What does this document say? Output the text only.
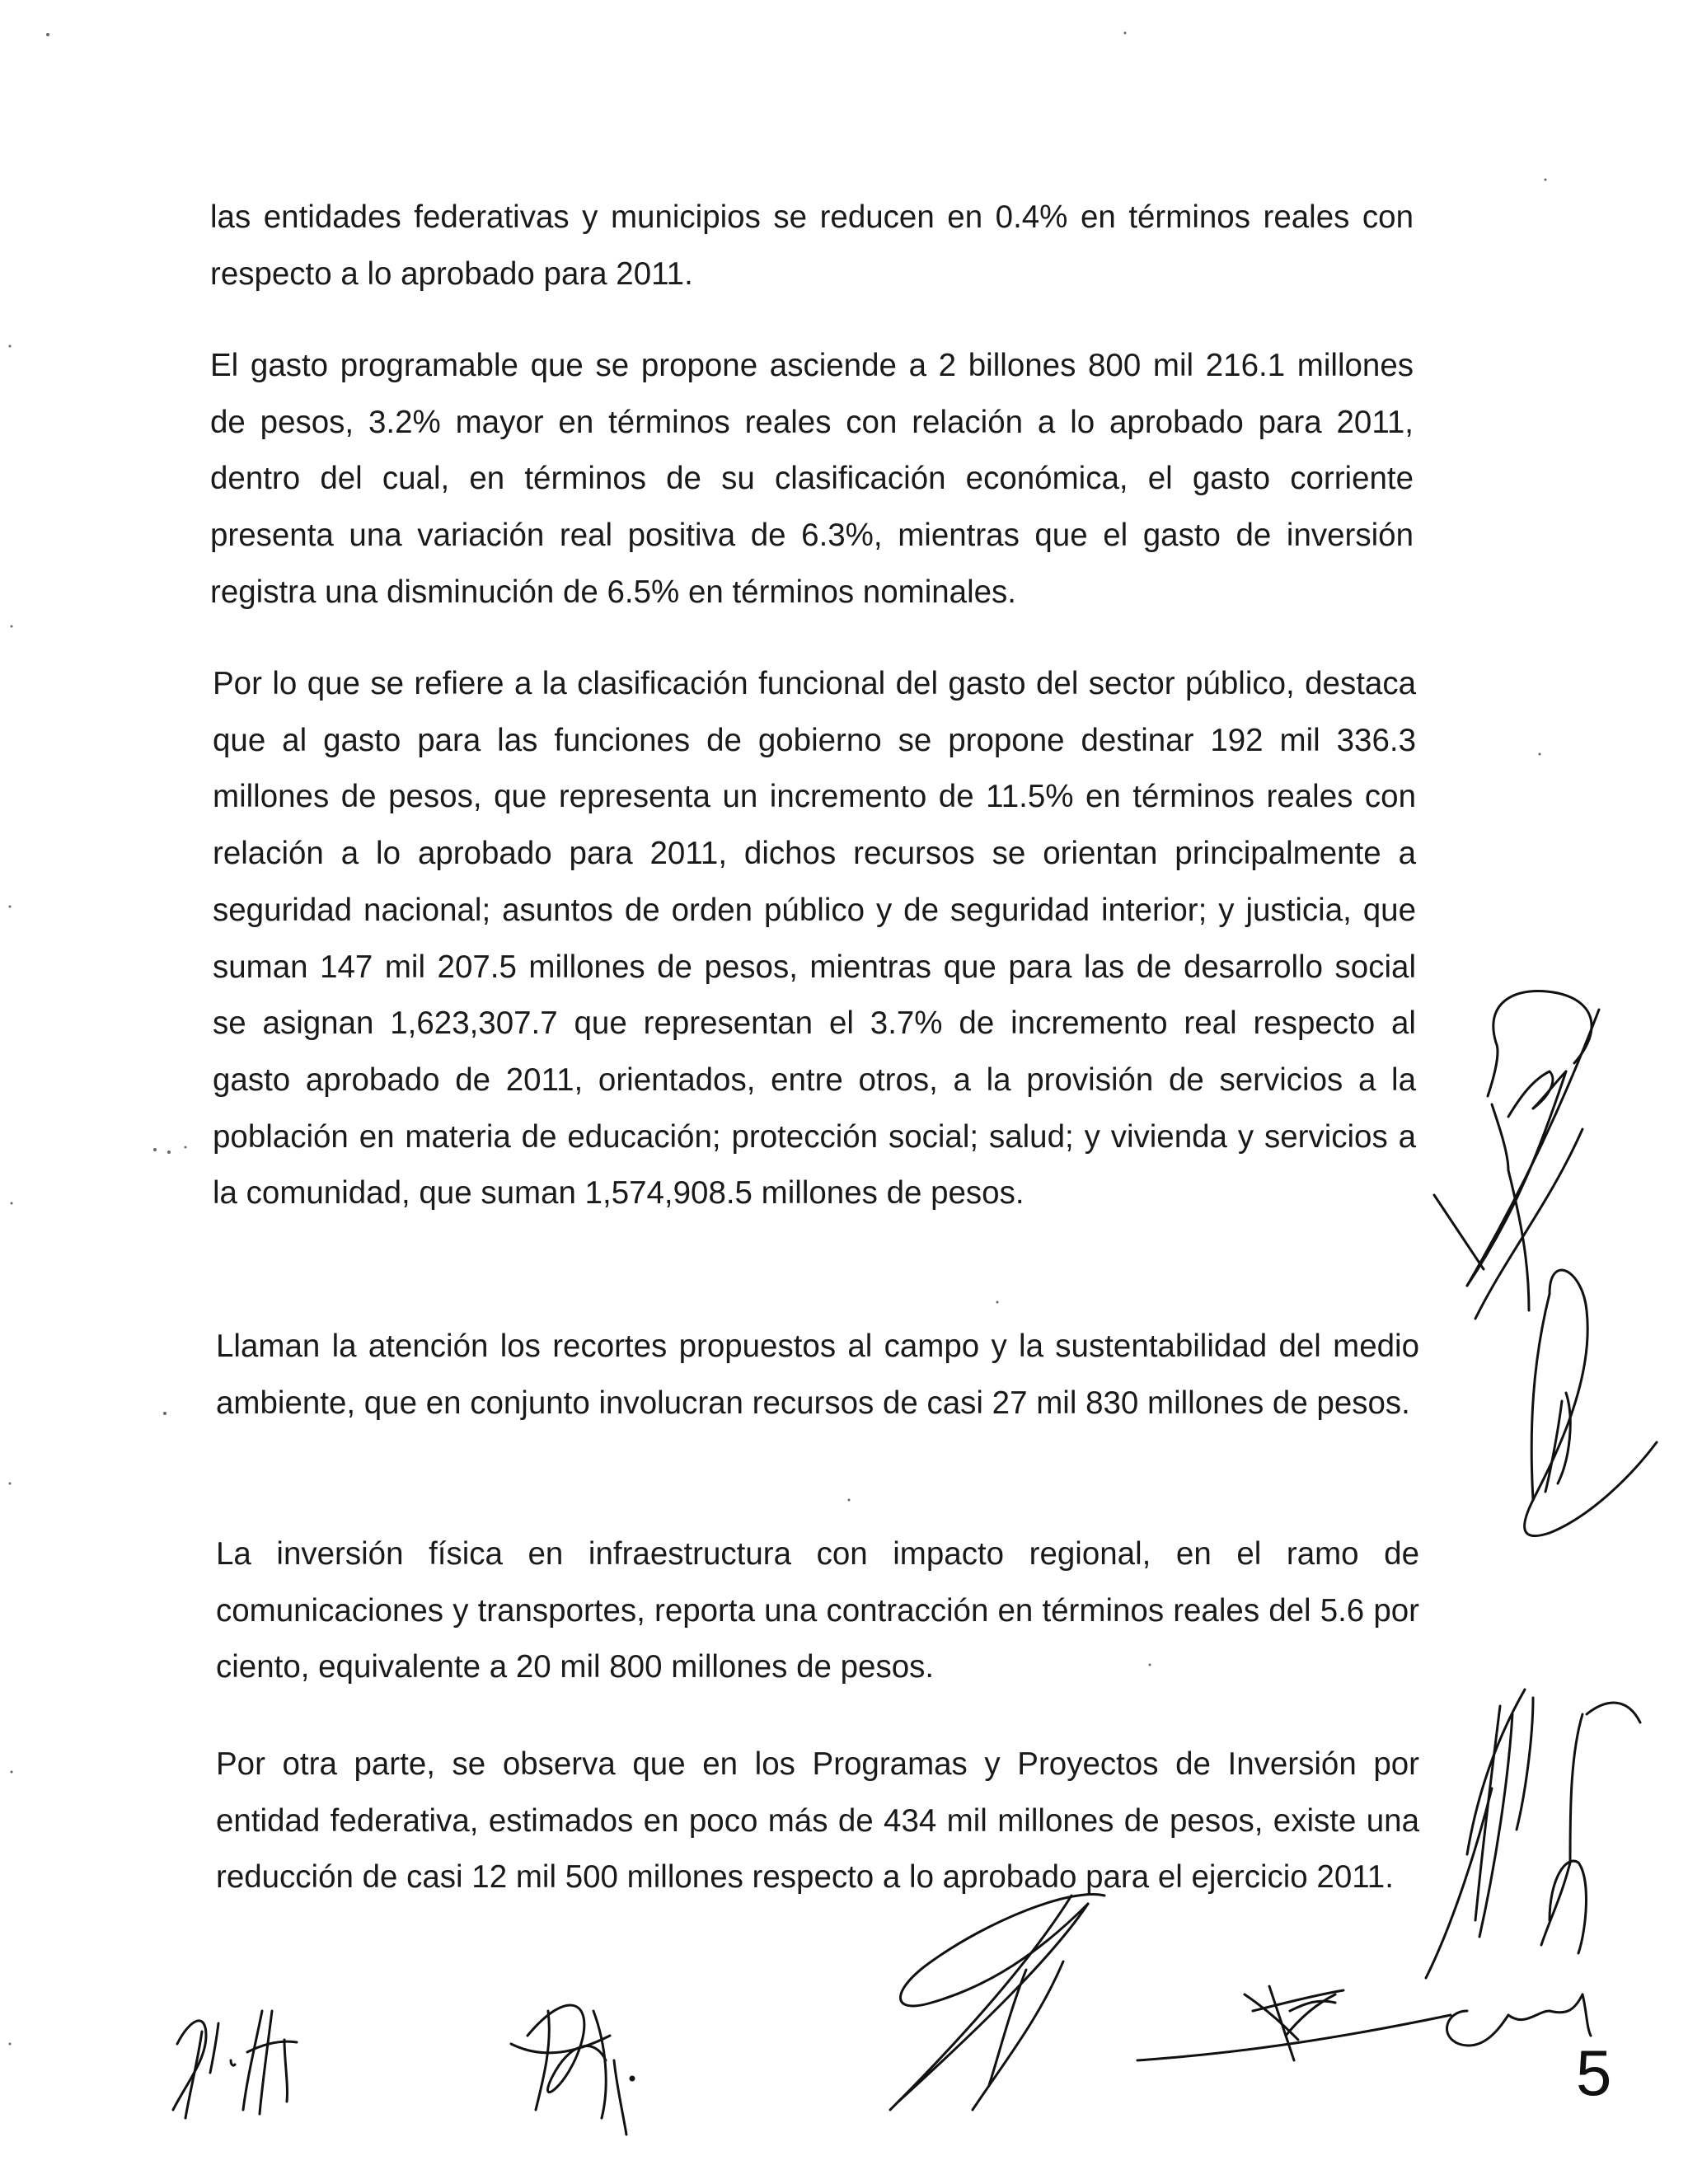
las entidades federativas y municipios se reducen en 0.4% en términos reales con respecto a lo aprobado para 2011.

El gasto programable que se propone asciende a 2 billones 800 mil 216.1 millones de pesos, 3.2% mayor en términos reales con relación a lo aprobado para 2011, dentro del cual, en términos de su clasificación económica, el gasto corriente presenta una variación real positiva de 6.3%, mientras que el gasto de inversión registra una disminución de 6.5% en términos nominales.

Por lo que se refiere a la clasificación funcional del gasto del sector público, destaca que al gasto para las funciones de gobierno se propone destinar 192 mil 336.3 millones de pesos, que representa un incremento de 11.5% en términos reales con relación a lo aprobado para 2011, dichos recursos se orientan principalmente a seguridad nacional; asuntos de orden público y de seguridad interior; y justicia, que suman 147 mil 207.5 millones de pesos, mientras que para las de desarrollo social se asignan 1,623,307.7 que representan el 3.7% de incremento real respecto al gasto aprobado de 2011, orientados, entre otros, a la provisión de servicios a la población en materia de educación; protección social; salud; y vivienda y servicios a la comunidad, que suman 1,574,908.5 millones de pesos.

Llaman la atención los recortes propuestos al campo y la sustentabilidad del medio ambiente, que en conjunto involucran recursos de casi 27 mil 830 millones de pesos.

La inversión física en infraestructura con impacto regional, en el ramo de comunicaciones y transportes, reporta una contracción en términos reales del 5.6 por ciento, equivalente a 20 mil 800 millones de pesos.

Por otra parte, se observa que en los Programas y Proyectos de Inversión por entidad federativa, estimados en poco más de 434 mil millones de pesos, existe una reducción de casi 12 mil 500 millones respecto a lo aprobado para el ejercicio 2011.

5
